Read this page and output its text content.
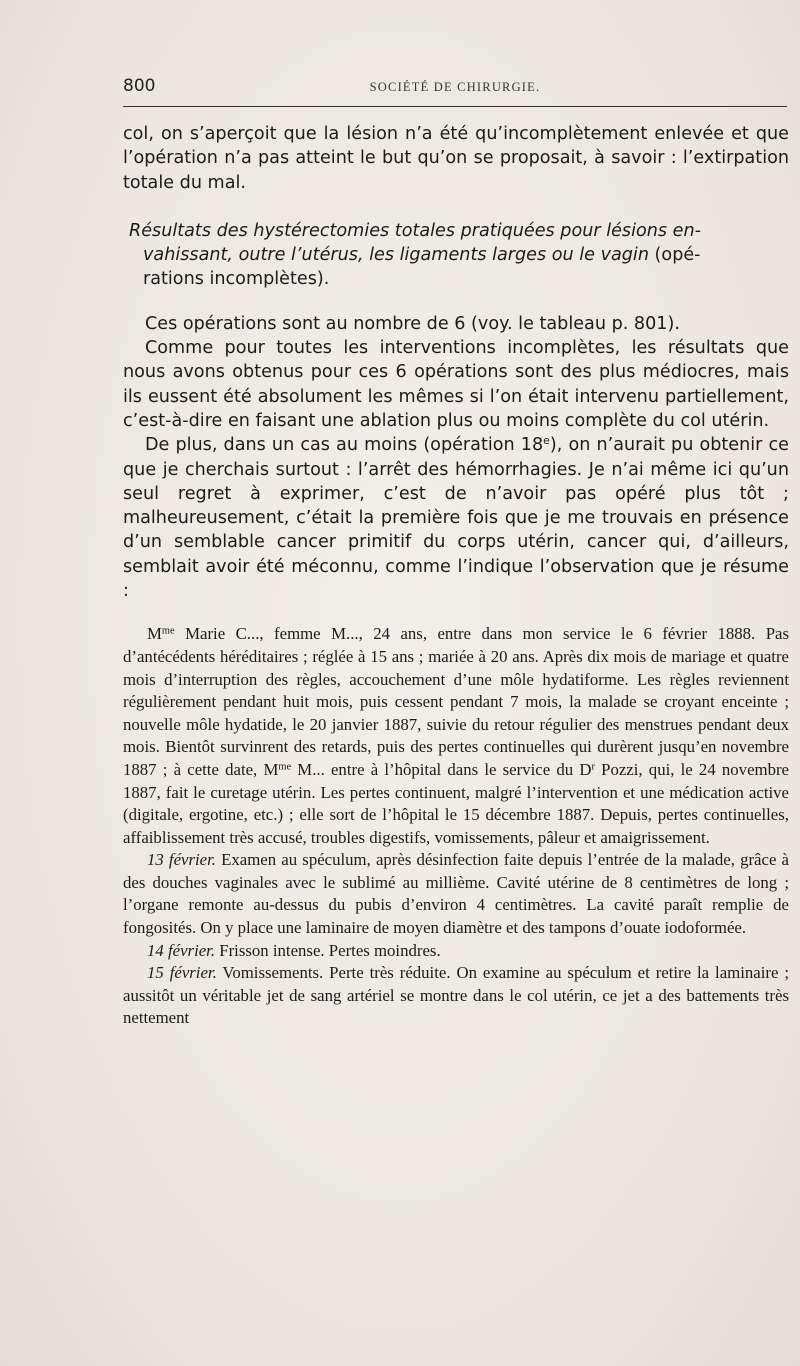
800	SOCIÉTÉ DE CHIRURGIE.

col, on s’aperçoit que la lésion n’a été qu’incomplètement enlevée et que l’opération n’a pas atteint le but qu’on se proposait, à savoir : l’extirpation totale du mal.

Résultats des hystérectomies totales pratiquées pour lésions en-
vahissant, outre l’utérus, les ligaments larges ou le vagin (opé-
rations incomplètes).

Ces opérations sont au nombre de 6 (voy. le tableau p. 801).

Comme pour toutes les interventions incomplètes, les résultats que nous avons obtenus pour ces 6 opérations sont des plus médiocres, mais ils eussent été absolument les mêmes si l’on était intervenu partiellement, c’est-à-dire en faisant une ablation plus ou moins complète du col utérin.

De plus, dans un cas au moins (opération 18e), on n’aurait pu obtenir ce que je cherchais surtout : l’arrêt des hémorrhagies. Je n’ai même ici qu’un seul regret à exprimer, c’est de n’avoir pas opéré plus tôt ; malheureusement, c’était la première fois que je me trouvais en présence d’un semblable cancer primitif du corps utérin, cancer qui, d’ailleurs, semblait avoir été méconnu, comme l’indique l’observation que je résume :

$M^{me}$ Marie C..., femme M..., 24 ans, entre dans mon service le 6 février 1888. Pas d’antécédents héréditaires ; réglée à 15 ans ; mariée à 20 ans. Après dix mois de mariage et quatre mois d’interruption des règles, accouchement d’une môle hydatiforme. Les règles reviennent régulièrement pendant huit mois, puis cessent pendant 7 mois, la malade se croyant enceinte ; nouvelle môle hydatide, le 20 janvier 1887, suivie du retour régulier des menstrues pendant deux mois. Bientôt survinrent des retards, puis des pertes continuelles qui durèrent jusqu’en novembre 1887 ; à cette date, $M^{me}$ M... entre à l’hôpital dans le service du $D^r$ Pozzi, qui, le 24 novembre 1887, fait le curetage utérin. Les pertes continuent, malgré l’intervention et une médication active (digitale, ergotine, etc.) ; elle sort de l’hôpital le 15 décembre 1887. Depuis, pertes continuelles, affaiblissement très accusé, troubles digestifs, vomissements, pâleur et amaigrissement.

13 février. Examen au spéculum, après désinfection faite depuis l’entrée de la malade, grâce à des douches vaginales avec le sublimé au millième. Cavité utérine de 8 centimètres de long ; l’organe remonte au-dessus du pubis d’environ 4 centimètres. La cavité paraît remplie de fongosités. On y place une laminaire de moyen diamètre et des tampons d’ouate iodoformée.

14 février. Frisson intense. Pertes moindres.

15 février. Vomissements. Perte très réduite. On examine au spéculum et retire la laminaire ; aussitôt un véritable jet de sang artériel se montre dans le col utérin, ce jet a des battements très nettement
